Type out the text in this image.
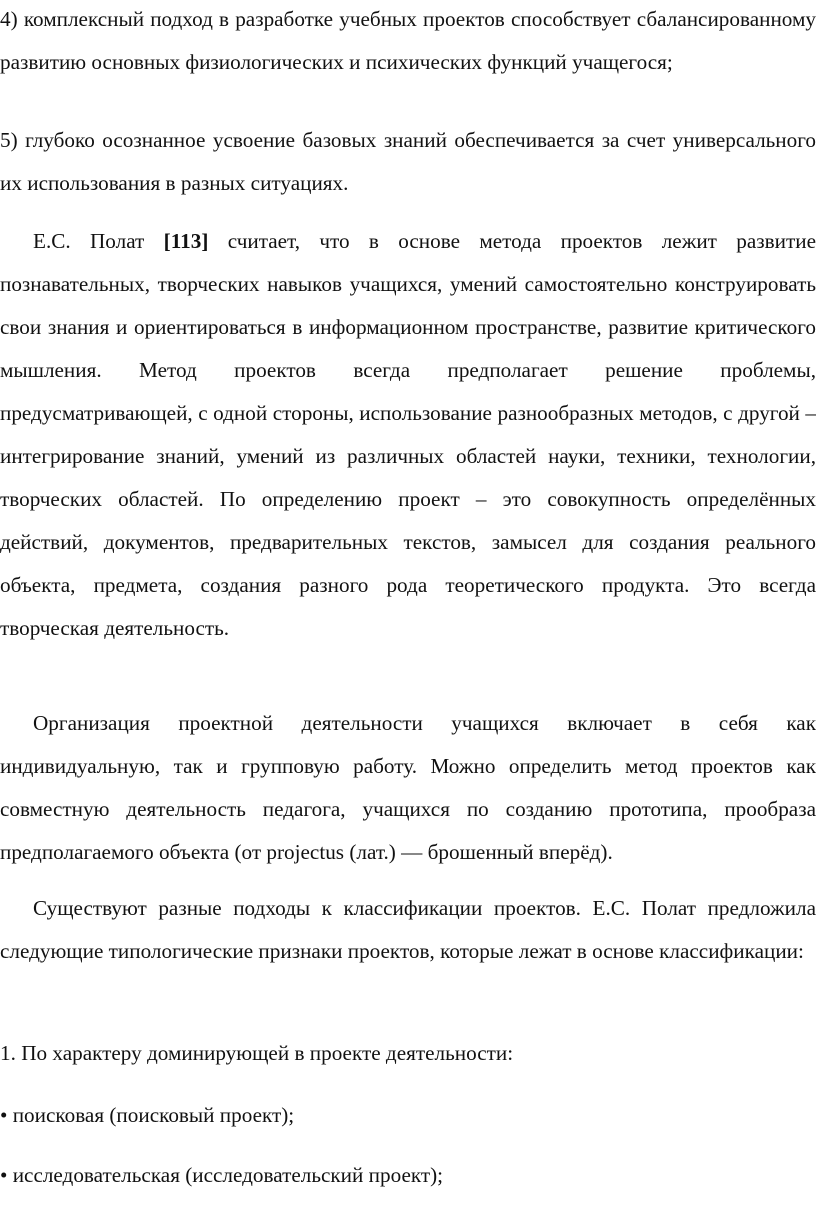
4) комплексный подход в разработке учебных проектов способствует сбалансированному развитию основных физиологических и психических функций учащегося;

5) глубоко осознанное усвоение базовых знаний обеспечивается за счет универсального их использования в разных ситуациях.

Е.С. Полат [113] считает, что в основе метода проектов лежит развитие познавательных, творческих навыков учащихся, умений самостоятельно конструировать свои знания и ориентироваться в информационном пространстве, развитие критического мышления. Метод проектов всегда предполагает решение проблемы, предусматривающей, с одной стороны, использование разнообразных методов, с другой – интегрирование знаний, умений из различных областей науки, техники, технологии, творческих областей. По определению проект – это совокупность определённых действий, документов, предварительных текстов, замысел для создания реального объекта, предмета, создания разного рода теоретического продукта. Это всегда творческая деятельность.

Организация проектной деятельности учащихся включает в себя как индивидуальную, так и групповую работу. Можно определить метод проектов как совместную деятельность педагога, учащихся по созданию прототипа, прообраза предполагаемого объекта (от projectus (лат.) — брошенный вперёд).

Существуют разные подходы к классификации проектов. Е.С. Полат предложила следующие типологические признаки проектов, которые лежат в основе классификации:

1. По характеру доминирующей в проекте деятельности:

• поисковая (поисковый проект);

• исследовательская (исследовательский проект);
